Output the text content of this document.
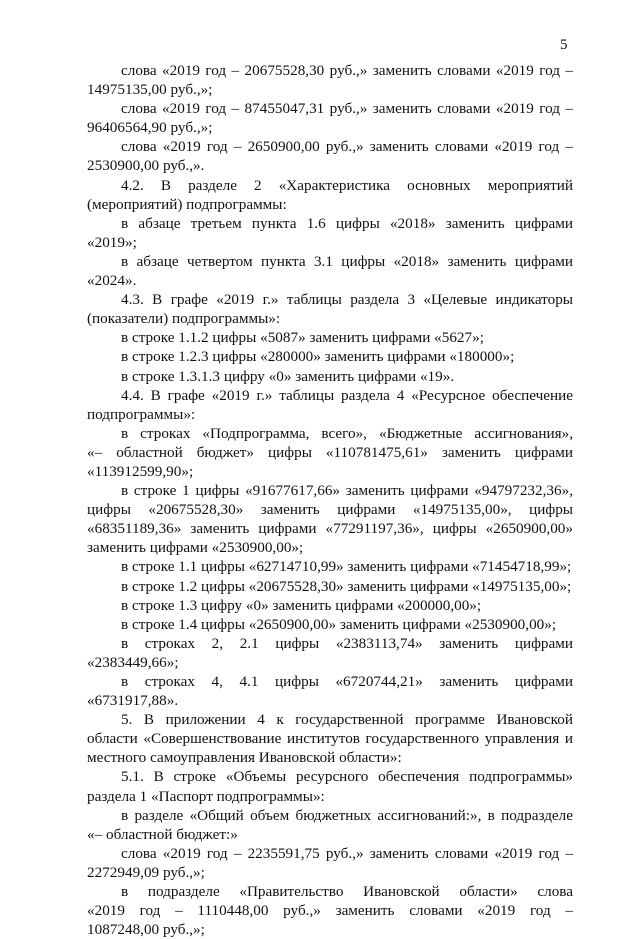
5
слова «2019 год – 20675528,30 руб.,» заменить словами «2019 год –
14975135,00 руб.,»;
слова «2019 год – 87455047,31 руб.,» заменить словами «2019 год –
96406564,90 руб.,»;
слова «2019 год – 2650900,00 руб.,» заменить словами «2019 год –
2530900,00 руб.,».
4.2. В разделе 2 «Характеристика основных мероприятий
(мероприятий) подпрограммы:
в абзаце третьем пункта 1.6 цифры «2018» заменить цифрами
«2019»;
в абзаце четвертом пункта 3.1 цифры «2018» заменить цифрами
«2024».
4.3. В графе «2019 г.» таблицы раздела 3 «Целевые индикаторы
(показатели) подпрограммы»:
в строке 1.1.2 цифры «5087» заменить цифрами «5627»;
в строке 1.2.3 цифры «280000» заменить цифрами «180000»;
в строке 1.3.1.3 цифру «0» заменить цифрами «19».
4.4. В графе «2019 г.» таблицы раздела 4 «Ресурсное обеспечение
подпрограммы»:
в строках «Подпрограмма, всего», «Бюджетные ассигнования»,
«– областной бюджет» цифры «110781475,61» заменить цифрами
«113912599,90»;
в строке 1 цифры «91677617,66» заменить цифрами «94797232,36»,
цифры «20675528,30» заменить цифрами «14975135,00», цифры
«68351189,36» заменить цифрами «77291197,36», цифры «2650900,00»
заменить цифрами «2530900,00»;
в строке 1.1 цифры «62714710,99» заменить цифрами «71454718,99»;
в строке 1.2 цифры «20675528,30» заменить цифрами «14975135,00»;
в строке 1.3 цифру «0» заменить цифрами «200000,00»;
в строке 1.4 цифры «2650900,00» заменить цифрами «2530900,00»;
в строках 2, 2.1 цифры «2383113,74» заменить цифрами
«2383449,66»;
в строках 4, 4.1 цифры «6720744,21» заменить цифрами
«6731917,88».
5. В приложении 4 к государственной программе Ивановской
области «Совершенствование институтов государственного управления и
местного самоуправления Ивановской области»:
5.1. В строке «Объемы ресурсного обеспечения подпрограммы»
раздела 1 «Паспорт подпрограммы»:
в разделе «Общий объем бюджетных ассигнований:», в подразделе
«– областной бюджет:»
слова «2019 год – 2235591,75 руб.,» заменить словами «2019 год –
2272949,09 руб.,»;
в подразделе «Правительство Ивановской области» слова
«2019 год – 1110448,00 руб.,» заменить словами «2019 год –
1087248,00 руб.,»;
